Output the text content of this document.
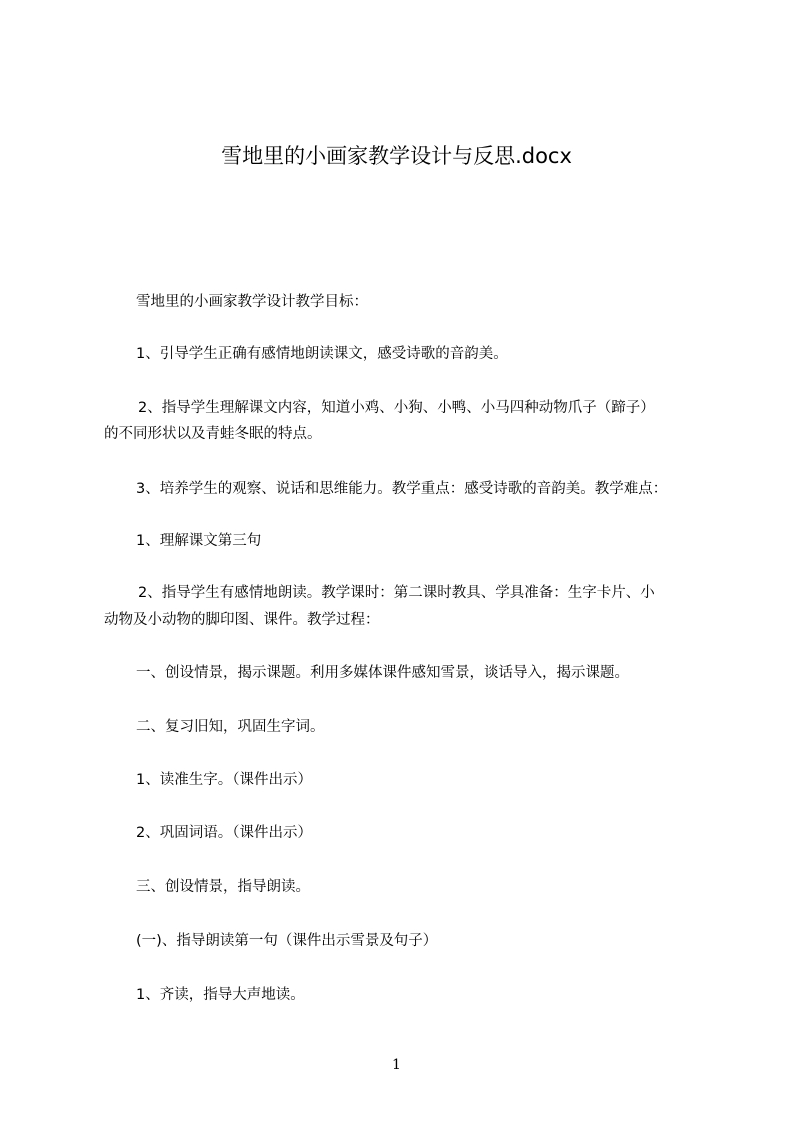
雪地里的小画家教学设计与反思.docx
雪地里的小画家教学设计教学目标：
1、引导学生正确有感情地朗读课文，感受诗歌的音韵美。
2、指导学生理解课文内容，知道小鸡、小狗、小鸭、小马四种动物爪子（蹄子）
的不同形状以及青蛙冬眠的特点。
3、培养学生的观察、说话和思维能力。教学重点：感受诗歌的音韵美。教学难点：
1、理解课文第三句
2、指导学生有感情地朗读。教学课时：第二课时教具、学具准备：生字卡片、小
动物及小动物的脚印图、课件。教学过程：
一、创设情景，揭示课题。利用多媒体课件感知雪景，谈话导入，揭示课题。
二、复习旧知，巩固生字词。
1、读准生字。（课件出示）
2、巩固词语。（课件出示）
三、创设情景，指导朗读。
(一)、指导朗读第一句（课件出示雪景及句子）
1、齐读，指导大声地读。
1
